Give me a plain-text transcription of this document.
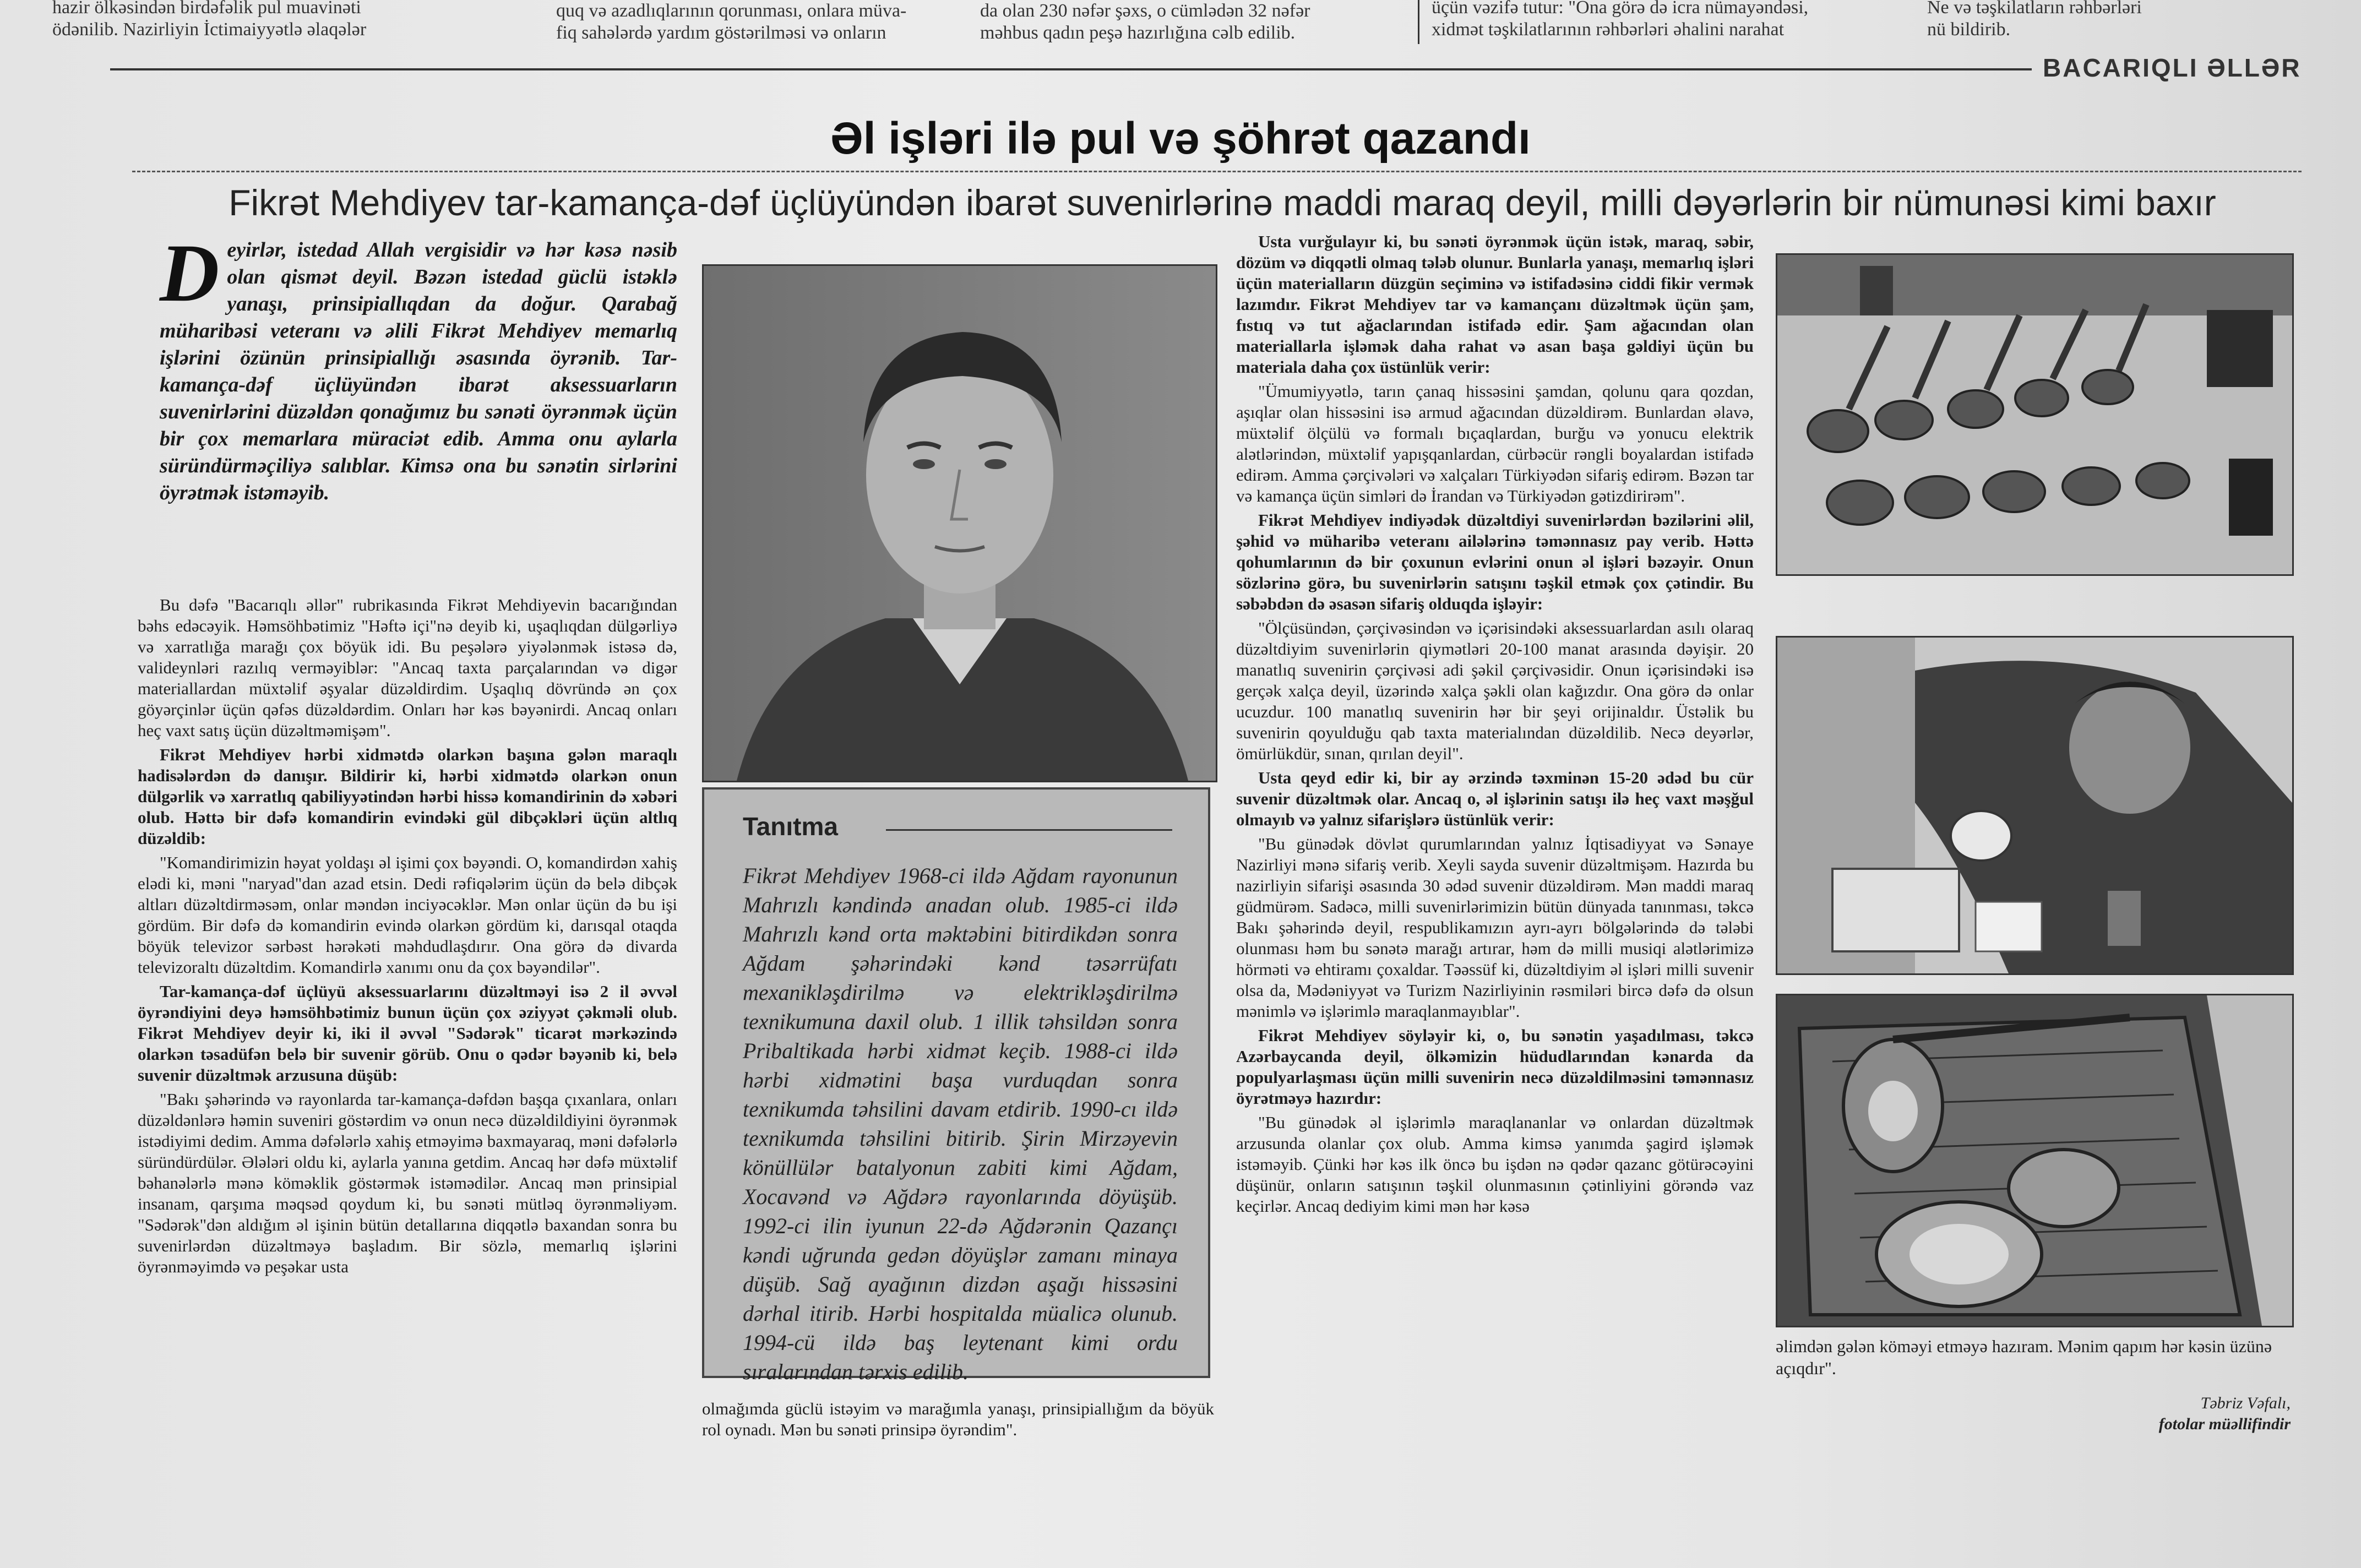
hazir ölkəsindən birdəfəlik pul muavinəti
ödənilib. Nazirliyin İctimaiyyətlə əlaqələr
quq və azadlıqlarının qorunması, onlara müva-
fiq sahələrdə yardım göstərilməsi və onların
da olan 230 nəfər şəxs, o cümlədən 32 nəfər
məhbus qadın peşə hazırlığına cəlb edilib.
üçün vəzifə tutur: "Ona görə də icra nümayəndəsi,
xidmət təşkilatlarının rəhbərləri əhalini narahat
Ne və təşkilatların rəhbərləri
nü bildirib.
BACARIQLI ƏLLƏR
Əl işləri ilə pul və şöhrət qazandı
Fikrət Mehdiyev tar-kamança-dəf üçlüyündən ibarət suvenirlərinə maddi maraq deyil, milli dəyərlərin bir nümunəsi kimi baxır
Deyirlər, istedad Allah vergisidir və hər kəsə nəsib olan qismət deyil. Bəzən istedad güclü istəklə yanaşı, prinsipiallıqdan da doğur. Qarabağ müharibəsi veteranı və əlili Fikrət Mehdiyev memarlıq işlərini özünün prinsipiallığı əsasında öyrənib. Tar-kamança-dəf üçlüyündən ibarət aksessuarların suvenirlərini düzəldən qonağımız bu sənəti öyrənmək üçün bir çox memarlara müraciət edib. Amma onu aylarla süründürməçiliyə salıblar. Kimsə ona bu sənətin sirlərini öyrətmək istəməyib.

Bu dəfə "Bacarıqlı əllər" rubrikasında Fikrət Mehdiyevin bacarığından bəhs edəcəyik. Həmsöhbətimiz "Həftə içi"nə deyib ki, uşaqlıqdan dülgərliyə və xarratlığa marağı çox böyük idi. Bu peşələrə yiyələnmək istəsə də, valideynləri razılıq verməyiblər: "Ancaq taxta parçalarından və digər materiallardan müxtəlif əşyalar düzəldirdim. Uşaqlıq dövründə ən çox göyərçinlər üçün qəfəs düzəldərdim. Onları hər kəs bəyənirdi. Ancaq onları heç vaxt satış üçün düzəltməmişəm".

Fikrət Mehdiyev hərbi xidmətdə olarkən başına gələn maraqlı hadisələrdən də danışır. Bildirir ki, hərbi xidmətdə olarkən onun dülgərlik və xarratlıq qabiliyyətindən hərbi hissə komandirinin də xəbəri olub. Həttə bir dəfə komandirin evindəki gül dibçəkləri üçün altlıq düzəldib:

"Komandirimizin həyat yoldaşı əl işimi çox bəyəndi. O, komandirdən xahiş elədi ki, məni "naryad"dan azad etsin. Dedi rəfiqələrim üçün də belə dibçək altları düzəltdirməsəm, onlar məndən inciyəcəklər. Mən onlar üçün də bu işi gördüm. Bir dəfə də komandirin evində olarkən gördüm ki, darısqal otaqda böyük televizor sərbəst hərəkəti məhdudlaşdırır. Ona görə də divarda televizoraltı düzəltdim. Komandirlə xanımı onu da çox bəyəndilər".

Tar-kamança-dəf üçlüyü aksessuarlarını düzəltməyi isə 2 il əvvəl öyrəndiyini deyə həmsöhbətimiz bunun üçün çox əziyyət çəkməli olub. Fikrət Mehdiyev deyir ki, iki il əvvəl "Sədərək" ticarət mərkəzində olarkən təsadüfən belə bir suvenir görüb. Onu o qədər bəyənib ki, belə suvenir düzəltmək arzusuna düşüb:

"Bakı şəhərində və rayonlarda tar-kamança-dəfdən başqa çıxanlara, onları düzəldənlərə həmin suveniri göstərdim və onun necə düzəldildiyini öyrənmək istədiyimi dedim. Amma dəfələrlə xahiş etməyimə baxmayaraq, məni dəfələrlə süründürdülər. Ələləri oldu ki, aylarla yanına getdim. Ancaq hər dəfə müxtəlif bəhanələrlə mənə köməklik göstərmək istəmədilər. Ancaq mən prinsipial insanam, qarşıma məqsəd qoydum ki, bu sənəti mütləq öyrənməliyəm. "Sədərək"dən aldığım əl işinin bütün detallarına diqqətlə baxandan sonra bu suvenirlərdən düzəltməyə başladım. Bir sözlə, memarlıq işlərini öyrənməyimdə və peşəkar usta

Tanıtma
Fikrət Mehdiyev 1968-ci ildə Ağdam rayonunun Mahrızlı kəndində anadan olub. 1985-ci ildə Mahrızlı kənd orta məktəbini bitirdikdən sonra Ağdam şəhərindəki kənd təsərrüfatı mexanikləşdirilmə və elektrikləşdirilmə texnikumuna daxil olub. 1 illik təhsildən sonra Pribaltikada hərbi xidmət keçib. 1988-ci ildə hərbi xidmətini başa vurduqdan sonra texnikumda təhsilini davam etdirib. 1990-cı ildə texnikumda təhsilini bitirib. Şirin Mirzəyevin könüllülər batalyonun zabiti kimi Ağdam, Xocavənd və Ağdərə rayonlarında döyüşüb. 1992-ci ilin iyunun 22-də Ağdərənin Qazançı kəndi uğrunda gedən döyüşlər zamanı minaya düşüb. Sağ ayağının dizdən aşağı hissəsini dərhal itirib. Hərbi hospitalda müalicə olunub. 1994-cü ildə baş leytenant kimi ordu sıralarından tərxis edilib.

olmağımda güclü istəyim və marağımla yanaşı, prinsipiallığım da böyük rol oynadı. Mən bu sənəti prinsipə öyrəndim".

Usta vurğulayır ki, bu sənəti öyrənmək üçün istək, maraq, səbir, dözüm və diqqətli olmaq tələb olunur. Bunlarla yanaşı, memarlıq işləri üçün materialların düzgün seçiminə və istifadəsinə ciddi fikir vermək lazımdır. Fikrət Mehdiyev tar və kamançanı düzəltmək üçün şam, fıstıq və tut ağaclarından istifadə edir. Şam ağacından olan materiallarla işləmək daha rahat və asan başa gəldiyi üçün bu materiala daha çox üstünlük verir:

"Ümumiyyətlə, tarın çanaq hissəsini şamdan, qolunu qara qozdan, aşıqlar olan hissəsini isə armud ağacından düzəldirəm. Bunlardan əlavə, müxtəlif ölçülü və formalı bıçaqlardan, burğu və yonucu elektrik alətlərindən, müxtəlif yapışqanlardan, cürbəcür rəngli boyalardan istifadə edirəm. Amma çərçivələri və xalçaları Türkiyədən sifariş edirəm. Bəzən tar və kamança üçün simləri də İrandan və Türkiyədən gətizdirirəm".

Fikrət Mehdiyev indiyədək düzəltdiyi suvenirlərdən bəzilərini əlil, şəhid və müharibə veteranı ailələrinə təmənnasız pay verib. Həttə qohumlarının də bir çoxunun evlərini onun əl işləri bəzəyir. Onun sözlərinə görə, bu suvenirlərin satışını təşkil etmək çox çətindir. Bu səbəbdən də əsasən sifariş olduqda işləyir:

"Ölçüsündən, çərçivəsindən və içərisindəki aksessuarlardan asılı olaraq düzəltdiyim suvenirlərin qiymətləri 20-100 manat arasında dəyişir. 20 manatlıq suvenirin çərçivəsi adi şəkil çərçivəsidir. Onun içərisindəki isə gerçək xalça deyil, üzərində xalça şəkli olan kağızdır. Ona görə də onlar ucuzdur. 100 manatlıq suvenirin hər bir şeyi orijinaldır. Üstəlik bu suvenirin qoyulduğu qab taxta materialından düzəldilib. Necə deyərlər, ömürlükdür, sınan, qırılan deyil".

Usta qeyd edir ki, bir ay ərzində təxminən 15-20 ədəd bu cür suvenir düzəltmək olar. Ancaq o, əl işlərinin satışı ilə heç vaxt məşğul olmayıb və yalnız sifarişlərə üstünlük verir:

"Bu günədək dövlət qurumlarından yalnız İqtisadiyyat və Sənaye Nazirliyi mənə sifariş verib. Xeyli sayda suvenir düzəltmişəm. Hazırda bu nazirliyin sifarişi əsasında 30 ədəd suvenir düzəldirəm. Mən maddi maraq güdmürəm. Sadəcə, milli suvenirlərimizin bütün dünyada tanınması, təkcə Bakı şəhərində deyil, respublikamızın ayrı-ayrı bölgələrində də tələbi olunması həm bu sənətə marağı artırar, həm də milli musiqi alətlərimizə hörməti və ehtiramı çoxaldar. Təəssüf ki, düzəltdiyim əl işləri milli suvenir olsa da, Mədəniyyət və Turizm Nazirliyinin rəsmiləri bircə dəfə də olsun mənimlə və işlərimlə maraqlanmayıblar".

Fikrət Mehdiyev söyləyir ki, o, bu sənətin yaşadılması, təkcə Azərbaycanda deyil, ölkəmizin hüdudlarından kənarda da populyarlaşması üçün milli suvenirin necə düzəldilməsini təmənnasız öyrətməyə hazırdır:

"Bu günədək əl işlərimlə maraqlananlar və onlardan düzəltmək arzusunda olanlar çox olub. Amma kimsə yanımda şagird işləmək istəməyib. Çünki hər kəs ilk öncə bu işdən nə qədər qazanc götürəcəyini düşünür, onların satışının təşkil olunmasının çətinliyini görəndə vaz keçirlər. Ancaq dediyim kimi mən hər kəsə

əlimdən gələn köməyi etməyə hazıram. Mənim qapım hər kəsin üzünə açıqdır".
Təbriz Vəfalı,
fotolar müəllifindir
